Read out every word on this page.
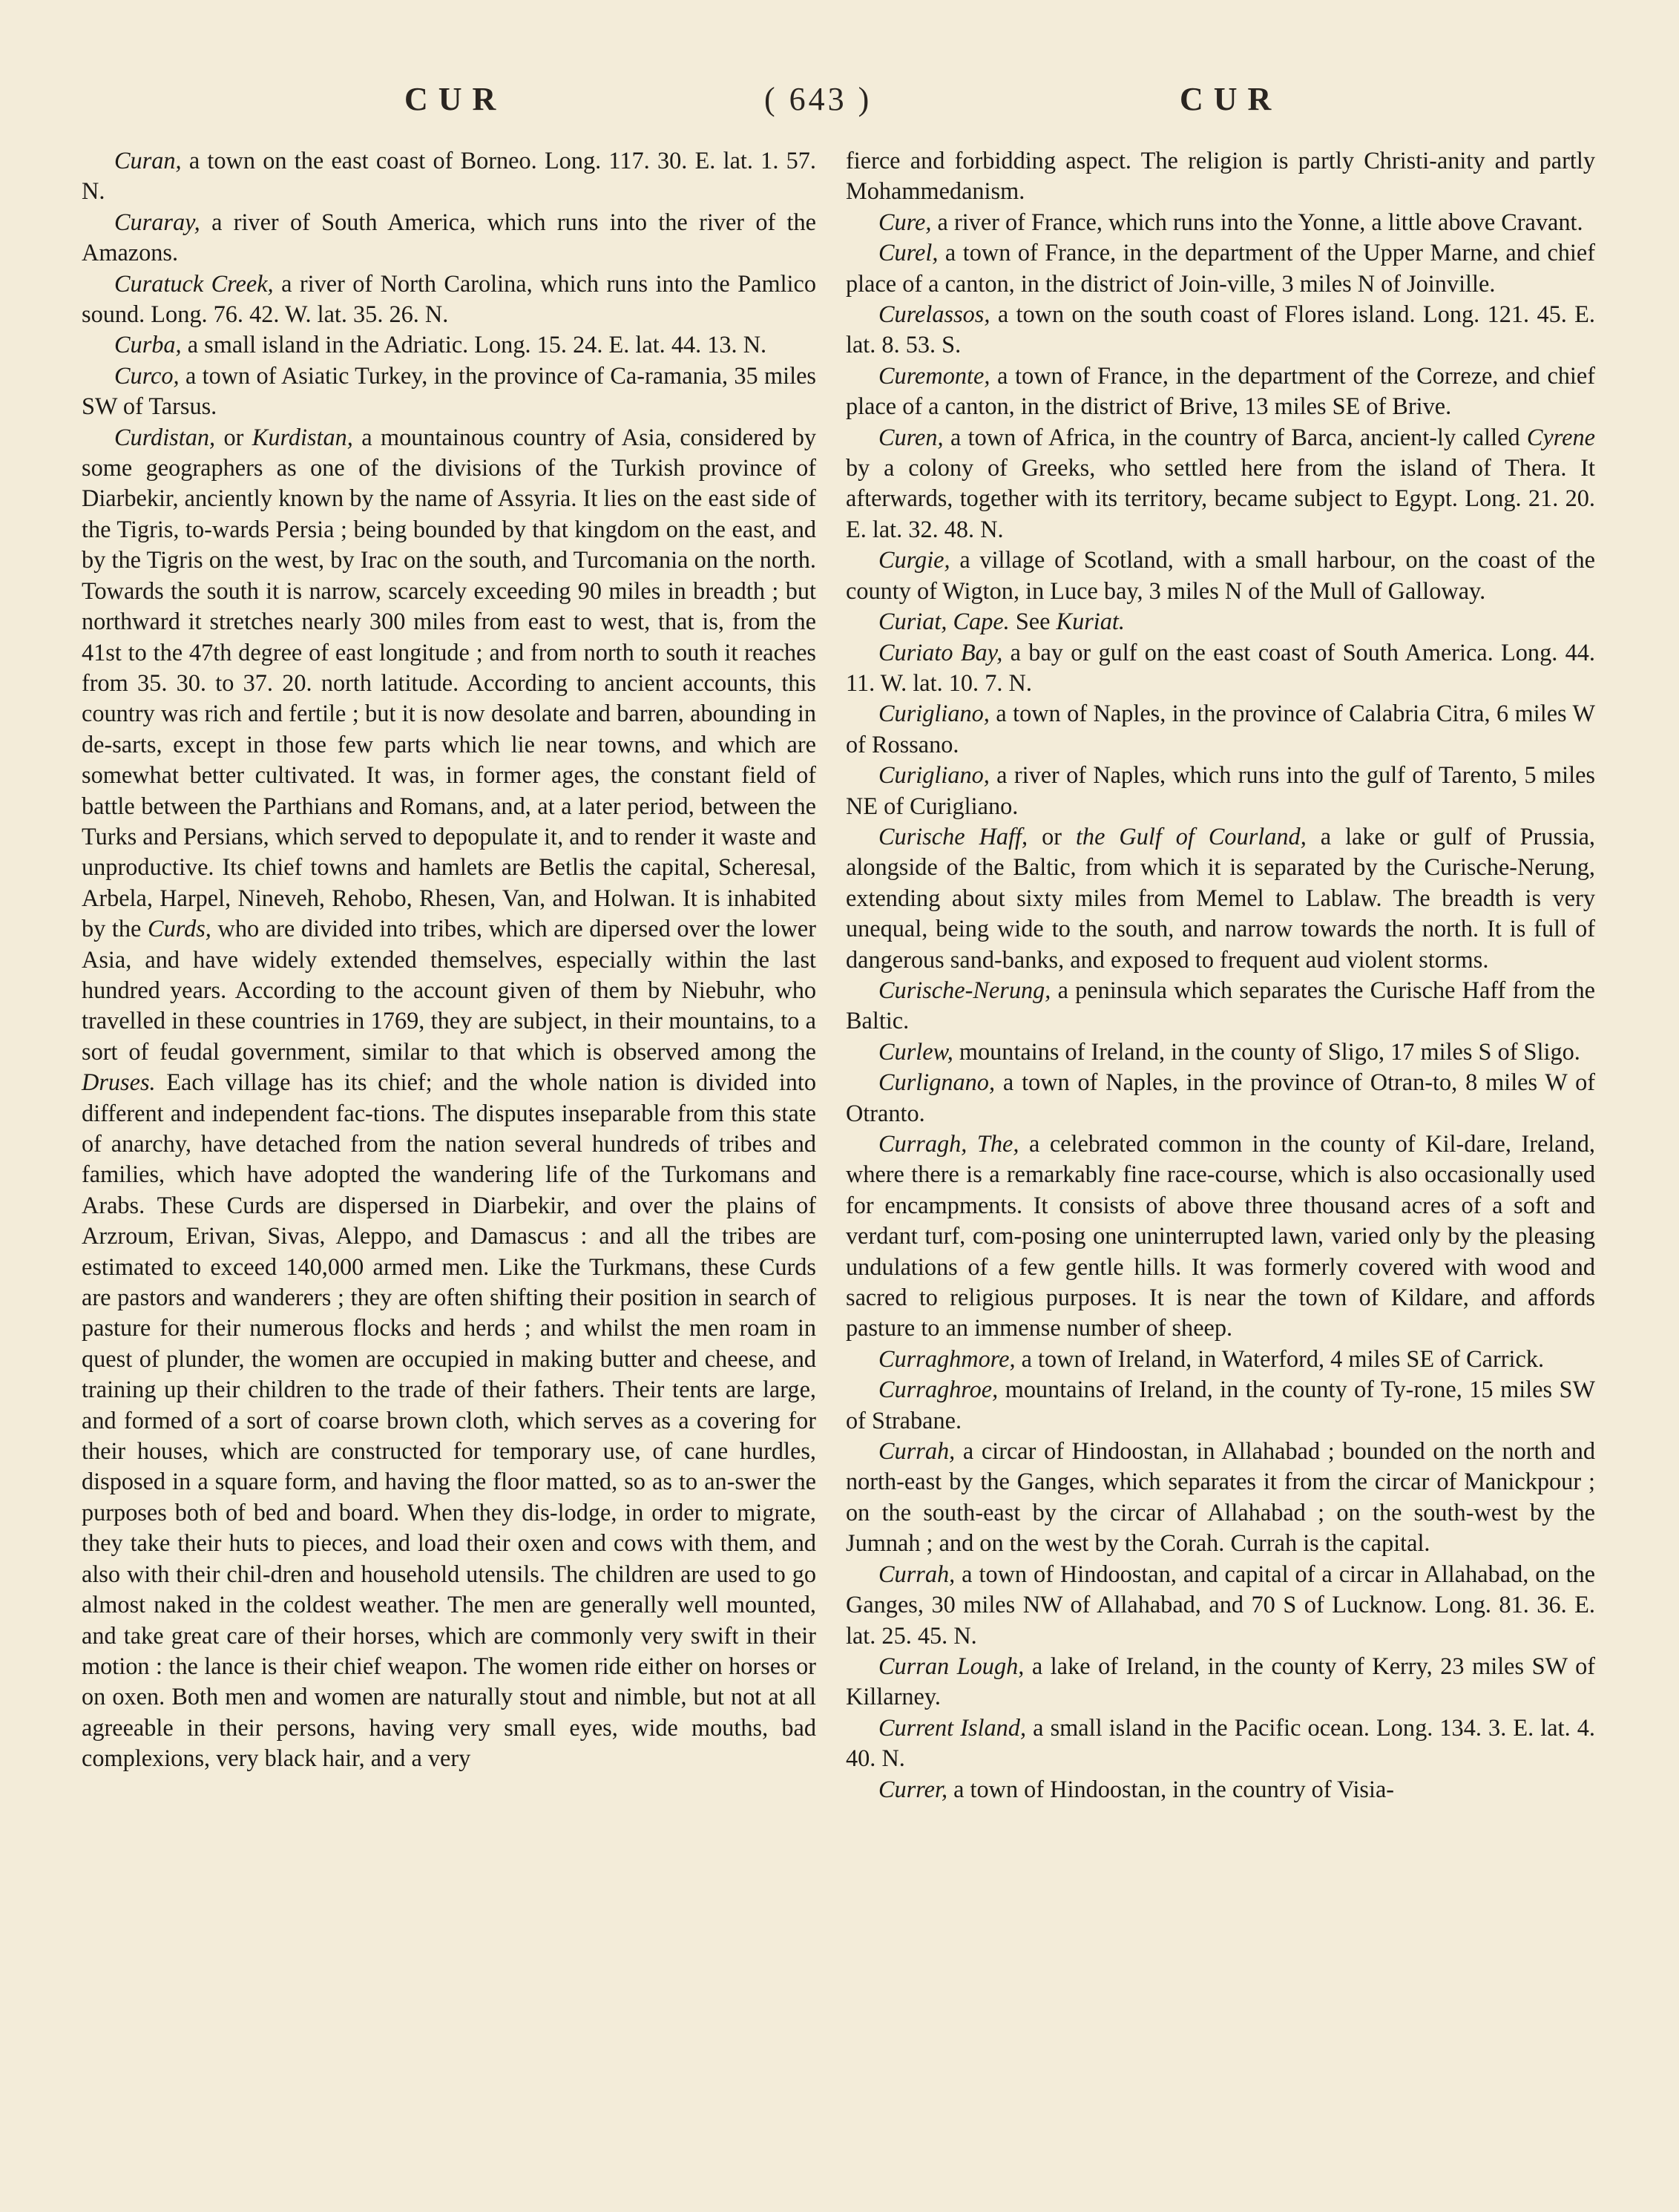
CUR	( 643 )	CUR

Curan, a town on the east coast of Borneo. Long. 117. 30. E. lat. 1. 57. N.

Curaray, a river of South America, which runs into the river of the Amazons.

Curatuck Creek, a river of North Carolina, which runs into the Pamlico sound. Long. 76. 42. W. lat. 35. 26. N.

Curba, a small island in the Adriatic. Long. 15. 24. E. lat. 44. 13. N.

Curco, a town of Asiatic Turkey, in the province of Ca-ramania, 35 miles SW of Tarsus.

Curdistan, or Kurdistan, a mountainous country of Asia, considered by some geographers as one of the divisions of the Turkish province of Diarbekir, anciently known by the name of Assyria. It lies on the east side of the Tigris, to-wards Persia ; being bounded by that kingdom on the east, and by the Tigris on the west, by Irac on the south, and Turcomania on the north. Towards the south it is narrow, scarcely exceeding 90 miles in breadth ; but northward it stretches nearly 300 miles from east to west, that is, from the 41st to the 47th degree of east longitude ; and from north to south it reaches from 35. 30. to 37. 20. north latitude. According to ancient accounts, this country was rich and fertile ; but it is now desolate and barren, abounding in de-sarts, except in those few parts which lie near towns, and which are somewhat better cultivated. It was, in former ages, the constant field of battle between the Parthians and Romans, and, at a later period, between the Turks and Persians, which served to depopulate it, and to render it waste and unproductive. Its chief towns and hamlets are Betlis the capital, Scheresal, Arbela, Harpel, Nineveh, Rehobo, Rhesen, Van, and Holwan. It is inhabited by the Curds, who are divided into tribes, which are dipersed over the lower Asia, and have widely extended themselves, especially within the last hundred years. According to the account given of them by Niebuhr, who travelled in these countries in 1769, they are subject, in their mountains, to a sort of feudal government, similar to that which is observed among the Druses. Each village has its chief; and the whole nation is divided into different and independent fac-tions. The disputes inseparable from this state of anarchy, have detached from the nation several hundreds of tribes and families, which have adopted the wandering life of the Turkomans and Arabs. These Curds are dispersed in Diarbekir, and over the plains of Arzroum, Erivan, Sivas, Aleppo, and Damascus : and all the tribes are estimated to exceed 140,000 armed men. Like the Turkmans, these Curds are pastors and wanderers ; they are often shifting their position in search of pasture for their numerous flocks and herds ; and whilst the men roam in quest of plunder, the women are occupied in making butter and cheese, and training up their children to the trade of their fathers. Their tents are large, and formed of a sort of coarse brown cloth, which serves as a covering for their houses, which are constructed for temporary use, of cane hurdles, disposed in a square form, and having the floor matted, so as to an-swer the purposes both of bed and board. When they dis-lodge, in order to migrate, they take their huts to pieces, and load their oxen and cows with them, and also with their chil-dren and household utensils. The children are used to go almost naked in the coldest weather. The men are generally well mounted, and take great care of their horses, which are commonly very swift in their motion : the lance is their chief weapon. The women ride either on horses or on oxen. Both men and women are naturally stout and nimble, but not at all agreeable in their persons, having very small eyes, wide mouths, bad complexions, very black hair, and a very

fierce and forbidding aspect. The religion is partly Christi-anity and partly Mohammedanism.

Cure, a river of France, which runs into the Yonne, a little above Cravant.

Curel, a town of France, in the department of the Upper Marne, and chief place of a canton, in the district of Join-ville, 3 miles N of Joinville.

Curelassos, a town on the south coast of Flores island. Long. 121. 45. E. lat. 8. 53. S.

Curemonte, a town of France, in the department of the Correze, and chief place of a canton, in the district of Brive, 13 miles SE of Brive.

Curen, a town of Africa, in the country of Barca, ancient-ly called Cyrene by a colony of Greeks, who settled here from the island of Thera. It afterwards, together with its territory, became subject to Egypt. Long. 21. 20. E. lat. 32. 48. N.

Curgie, a village of Scotland, with a small harbour, on the coast of the county of Wigton, in Luce bay, 3 miles N of the Mull of Galloway.

Curiat, Cape. See Kuriat.

Curiato Bay, a bay or gulf on the east coast of South America. Long. 44. 11. W. lat. 10. 7. N.

Curigliano, a town of Naples, in the province of Calabria Citra, 6 miles W of Rossano.

Curigliano, a river of Naples, which runs into the gulf of Tarento, 5 miles NE of Curigliano.

Curische Haff, or the Gulf of Courland, a lake or gulf of Prussia, alongside of the Baltic, from which it is separated by the Curische-Nerung, extending about sixty miles from Memel to Lablaw. The breadth is very unequal, being wide to the south, and narrow towards the north. It is full of dangerous sand-banks, and exposed to frequent aud violent storms.

Curische-Nerung, a peninsula which separates the Curische Haff from the Baltic.

Curlew, mountains of Ireland, in the county of Sligo, 17 miles S of Sligo.

Curlignano, a town of Naples, in the province of Otran-to, 8 miles W of Otranto.

Curragh, The, a celebrated common in the county of Kil-dare, Ireland, where there is a remarkably fine race-course, which is also occasionally used for encampments. It consists of above three thousand acres of a soft and verdant turf, com-posing one uninterrupted lawn, varied only by the pleasing undulations of a few gentle hills. It was formerly covered with wood and sacred to religious purposes. It is near the town of Kildare, and affords pasture to an immense number of sheep.

Curraghmore, a town of Ireland, in Waterford, 4 miles SE of Carrick.

Curraghroe, mountains of Ireland, in the county of Ty-rone, 15 miles SW of Strabane.

Currah, a circar of Hindoostan, in Allahabad ; bounded on the north and north-east by the Ganges, which separates it from the circar of Manickpour ; on the south-east by the circar of Allahabad ; on the south-west by the Jumnah ; and on the west by the Corah. Currah is the capital.

Currah, a town of Hindoostan, and capital of a circar in Allahabad, on the Ganges, 30 miles NW of Allahabad, and 70 S of Lucknow. Long. 81. 36. E. lat. 25. 45. N.

Curran Lough, a lake of Ireland, in the county of Kerry, 23 miles SW of Killarney.

Current Island, a small island in the Pacific ocean. Long. 134. 3. E. lat. 4. 40. N.

Currer, a town of Hindoostan, in the country of Visia-
